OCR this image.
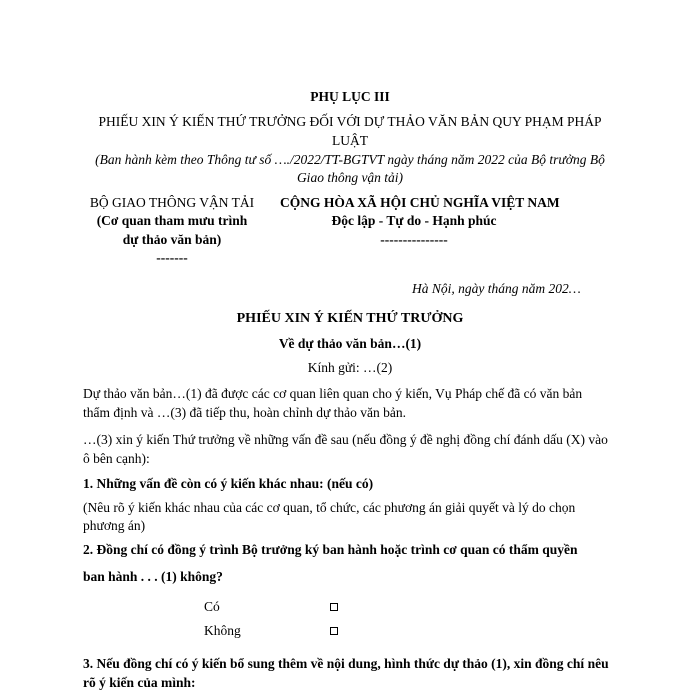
PHỤ LỤC III
PHIẾU XIN Ý KIẾN THỨ TRƯỞNG ĐỐI VỚI DỰ THẢO VĂN BẢN QUY PHẠM PHÁP
LUẬT
(Ban hành kèm theo Thông tư số …./2022/TT-BGTVT ngày tháng năm 2022 của Bộ trưởng Bộ
Giao thông vận tải)
BỘ GIAO THÔNG VẬN TẢI
(Cơ quan tham mưu trình
dự thảo văn bản)
-------
CỘNG HÒA XÃ HỘI CHỦ NGHĨA VIỆT NAM
Độc lập - Tự do - Hạnh phúc
---------------
Hà Nội, ngày tháng năm 202…
PHIẾU XIN Ý KIẾN THỨ TRƯỞNG
Về dự thảo văn bản…(1)
Kính gửi: …(2)
Dự thảo văn bản…(1) đã được các cơ quan liên quan cho ý kiến, Vụ Pháp chế đã có văn bản
thẩm định và …(3) đã tiếp thu, hoàn chỉnh dự thảo văn bản.
…(3) xin ý kiến Thứ trưởng về những vấn đề sau (nếu đồng ý đề nghị đồng chí đánh dấu (X) vào
ô bên cạnh):
1. Những vấn đề còn có ý kiến khác nhau: (nếu có)
(Nêu rõ ý kiến khác nhau của các cơ quan, tổ chức, các phương án giải quyết và lý do chọn
phương án)
2. Đồng chí có đồng ý trình Bộ trưởng ký ban hành hoặc trình cơ quan có thẩm quyền
ban hành . . . (1) không?
Có
Không
3. Nếu đồng chí có ý kiến bổ sung thêm về nội dung, hình thức dự thảo (1), xin đồng chí nêu
rõ ý kiến của mình:
